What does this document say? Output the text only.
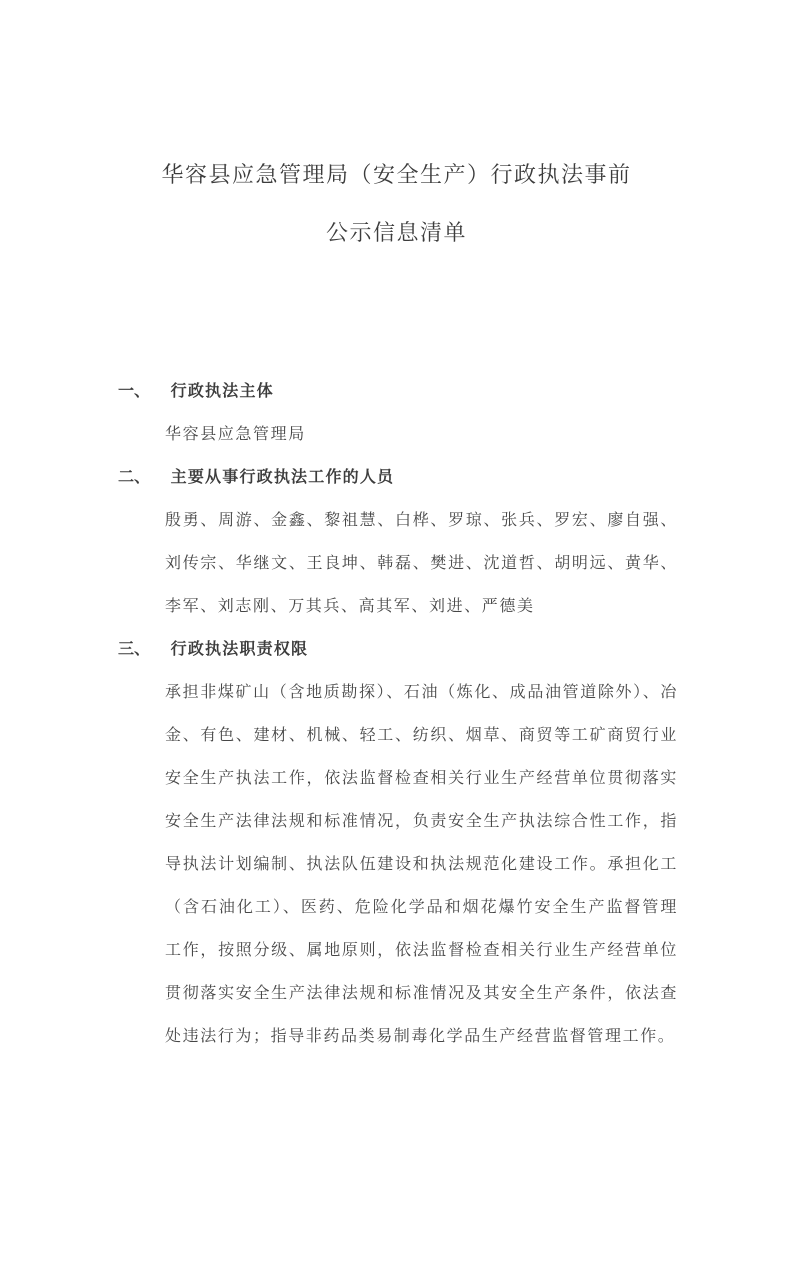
华容县应急管理局（安全生产）行政执法事前
公示信息清单

一、 行政执法主体

华容县应急管理局

二、 主要从事行政执法工作的人员

殷勇、周游、金鑫、黎祖慧、白桦、罗琼、张兵、罗宏、廖自强、刘传宗、华继文、王良坤、韩磊、樊进、沈道哲、胡明远、黄华、李军、刘志刚、万其兵、高其军、刘进、严德美

三、 行政执法职责权限

承担非煤矿山（含地质勘探）、石油（炼化、成品油管道除外）、冶金、有色、建材、机械、轻工、纺织、烟草、商贸等工矿商贸行业安全生产执法工作，依法监督检查相关行业生产经营单位贯彻落实安全生产法律法规和标准情况，负责安全生产执法综合性工作，指导执法计划编制、执法队伍建设和执法规范化建设工作。承担化工（含石油化工）、医药、危险化学品和烟花爆竹安全生产监督管理工作，按照分级、属地原则，依法监督检查相关行业生产经营单位贯彻落实安全生产法律法规和标准情况及其安全生产条件，依法查处违法行为；指导非药品类易制毒化学品生产经营监督管理工作。
